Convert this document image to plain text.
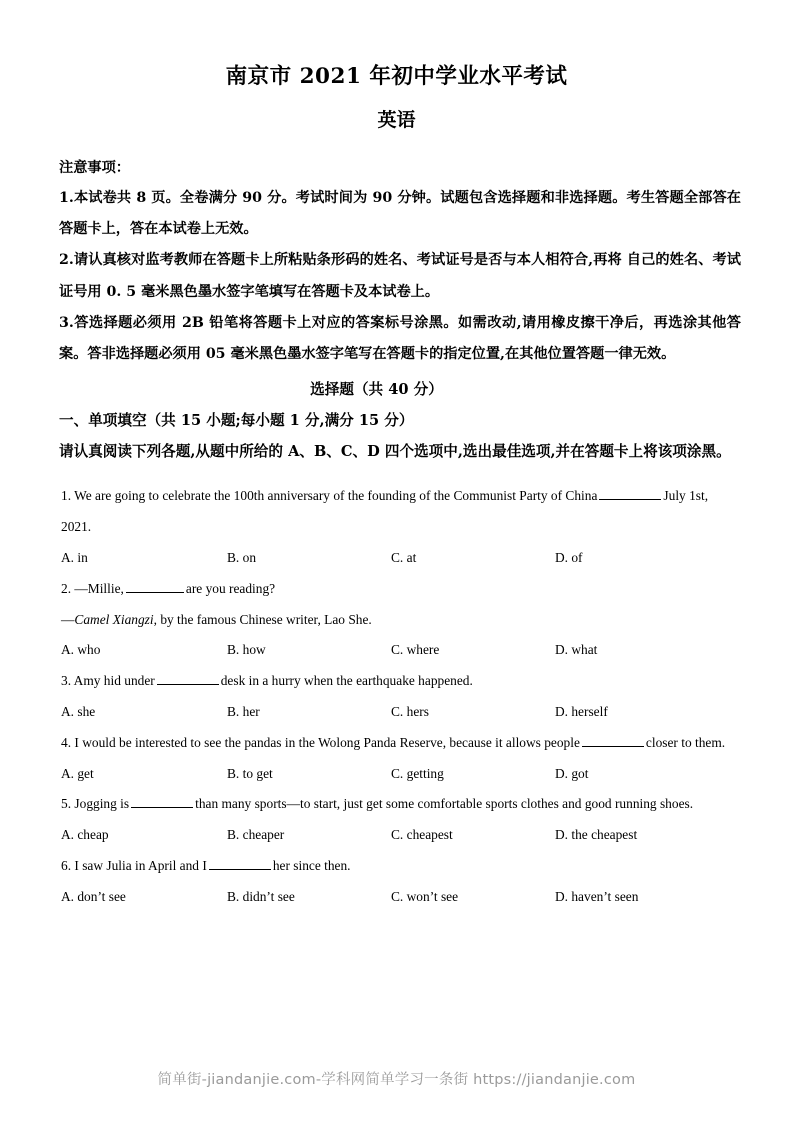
南京市 2021 年初中学业水平考试
英语

注意事项：

1.本试卷共 8 页。全卷满分 90 分。考试时间为 90 分钟。试题包含选择题和非选择题。考生答题全部答在答题卡上，答在本试卷上无效。

2.请认真核对监考教师在答题卡上所粘贴条形码的姓名、考试证号是否与本人相符合,再将 自己的姓名、考试证号用 0. 5 毫米黑色墨水签字笔填写在答题卡及本试卷上。

3.答选择题必须用 2B 铅笔将答题卡上对应的答案标号涂黑。如需改动,请用橡皮擦干净后，再选涂其他答案。答非选择题必须用 05 毫米黑色墨水签字笔写在答题卡的指定位置,在其他位置答题一律无效。

选择题（共 40 分）

一、单项填空（共 15 小题;每小题 1 分,满分 15 分）

请认真阅读下列各题,从题中所给的 A、B、C、D 四个选项中,选出最佳选项,并在答题卡上将该项涂黑。

1. We are going to celebrate the 100th anniversary of the founding of the Communist Party of China	July 1st, 2021.

A. in	B. on	C. at	D. of

2. —Millie,	are you reading?

—Camel Xiangzi, by the famous Chinese writer, Lao She.

A. who	B. how	C. where	D. what

3. Amy hid under	desk in a hurry when the earthquake happened.

A. she	B. her	C. hers	D. herself

4. I would be interested to see the pandas in the Wolong Panda Reserve, because it allows people	closer to them.

A. get	B. to get	C. getting	D. got

5. Jogging is	than many sports—to start, just get some comfortable sports clothes and good running shoes.

A. cheap	B. cheaper	C. cheapest	D. the cheapest

6. I saw Julia in April and I	her since then.

A. don’t see	B. didn’t see	C. won’t see	D. haven’t seen
简单街-jiandanjie.com-学科网简单学习一条街 https://jiandanjie.com
